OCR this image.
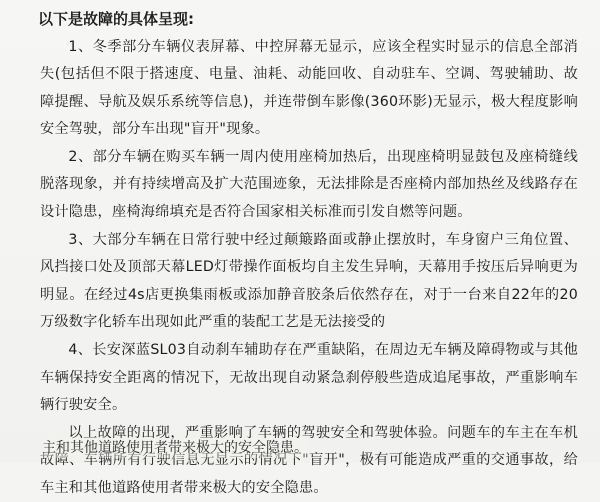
以下是故障的具体呈现:

1、冬季部分车辆仪表屏幕、中控屏幕无显示，应该全程实时显示的信息全部消失(包括但不限于搭速度、电量、油耗、动能回收、自动驻车、空调、驾驶辅助、故障提醒、导航及娱乐系统等信息)，并连带倒车影像(360环影)无显示，极大程度影响安全驾驶，部分车出现"盲开"现象。

2、部分车辆在购买车辆一周内使用座椅加热后，出现座椅明显鼓包及座椅缝线脱落现象，并有持续增高及扩大范围迹象，无法排除是否座椅内部加热丝及线路存在设计隐患，座椅海绵填充是否符合国家相关标准而引发自燃等问题。

3、大部分车辆在日常行驶中经过颠簸路面或静止摆放时，车身窗户三角位置、风挡接口处及顶部天幕LED灯带操作面板均自主发生异响，天幕用手按压后异响更为明显。在经过4s店更换集雨板或添加静音胶条后依然存在，对于一台来自22年的20万级数字化轿车出现如此严重的装配工艺是无法接受的

4、长安深蓝SL03自动刹车辅助存在严重缺陷，在周边无车辆及障碍物或与其他车辆保持安全距离的情况下，无故出现自动紧急刹停般些造成追尾事故，严重影响车辆行驶安全。

以上故障的出现，严重影响了车辆的驾驶安全和驾驶体验。问题车的车主在车机故障、车辆所有行驶信息无显示的情况下"盲开"，极有可能造成严重的交通事故，给车主和其他道路使用者带来极大的安全隐患。

主和其他道路使用者带来极大的安全隐患。
